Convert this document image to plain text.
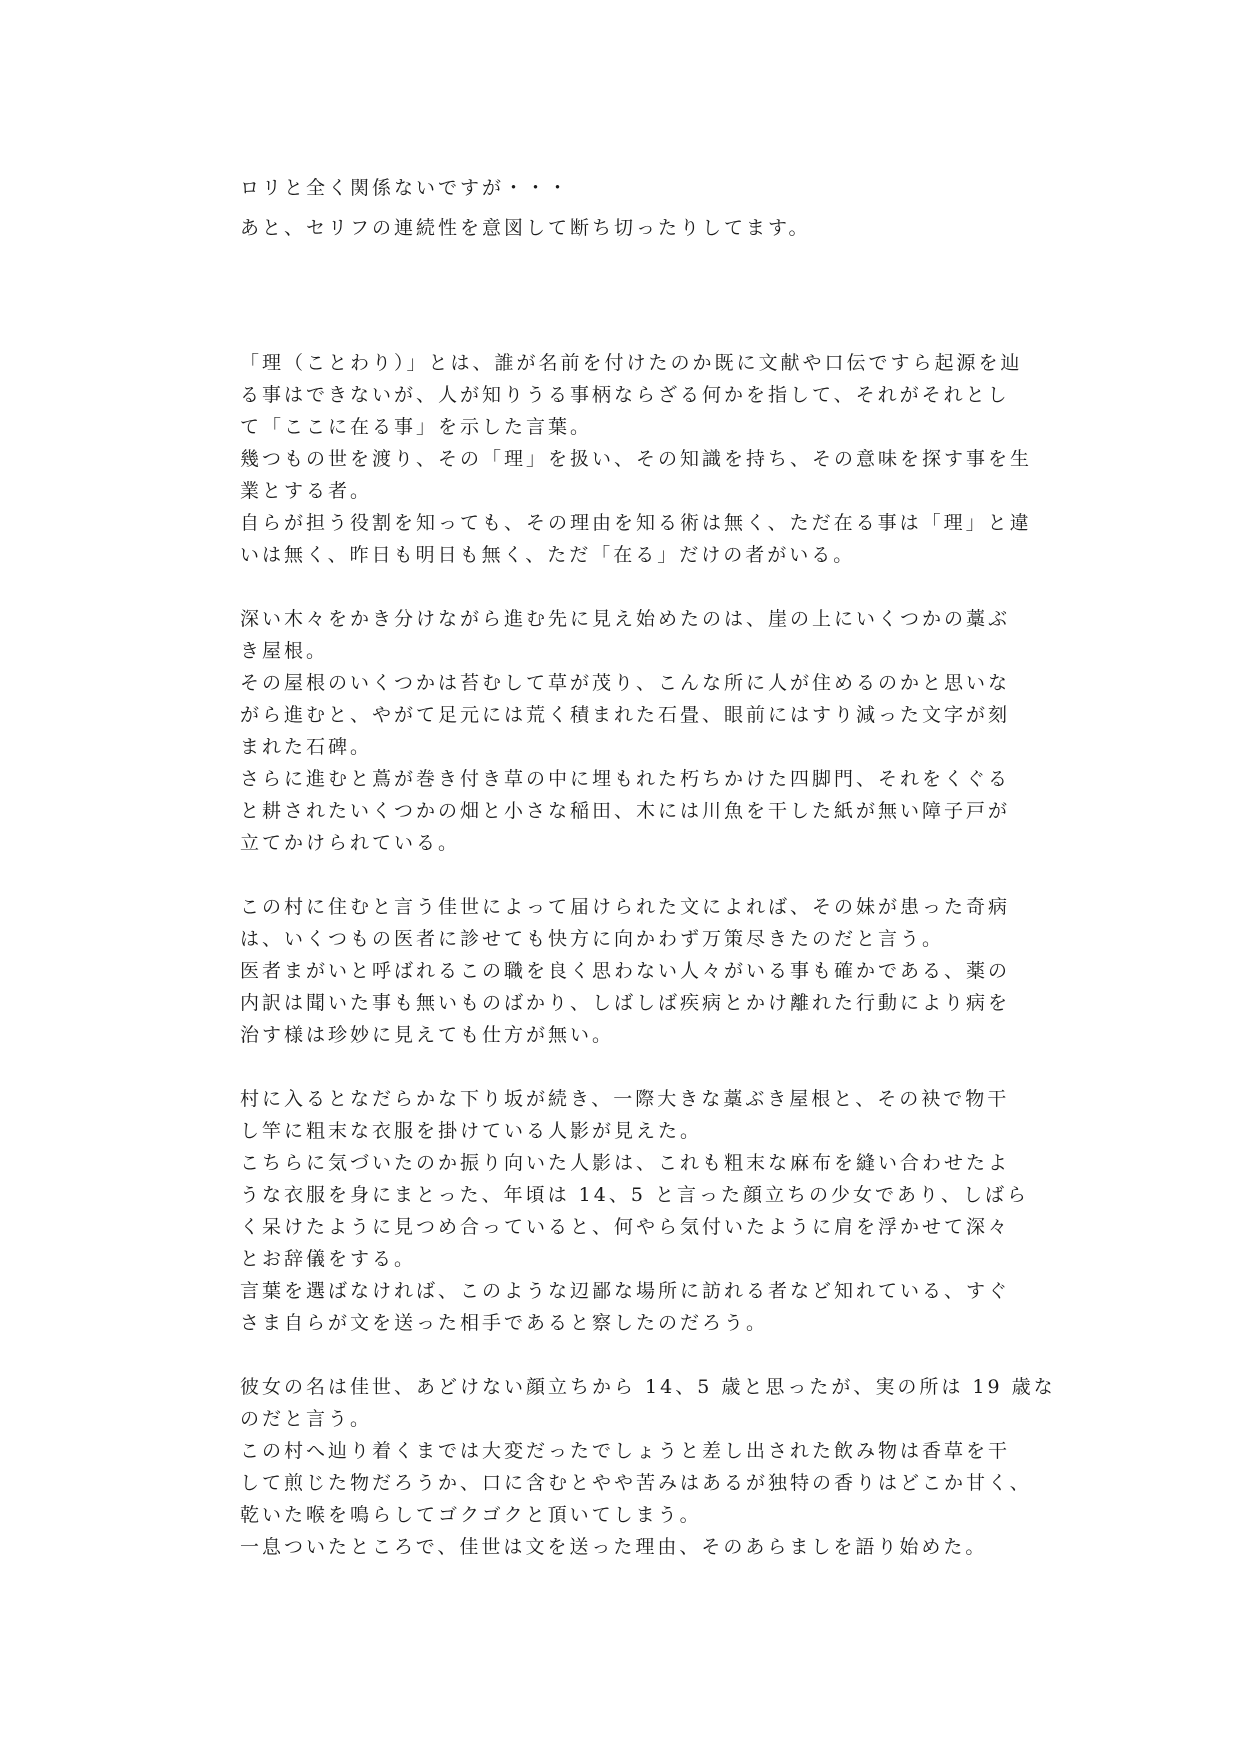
ロリと全く関係ないですが・・・
あと、セリフの連続性を意図して断ち切ったりしてます。
「理（ことわり）」とは、誰が名前を付けたのか既に文献や口伝ですら起源を辿
る事はできないが、人が知りうる事柄ならざる何かを指して、それがそれとし
て「ここに在る事」を示した言葉。
幾つもの世を渡り、その「理」を扱い、その知識を持ち、その意味を探す事を生
業とする者。
自らが担う役割を知っても、その理由を知る術は無く、ただ在る事は「理」と違
いは無く、昨日も明日も無く、ただ「在る」だけの者がいる。
深い木々をかき分けながら進む先に見え始めたのは、崖の上にいくつかの藁ぶ
き屋根。
その屋根のいくつかは苔むして草が茂り、こんな所に人が住めるのかと思いな
がら進むと、やがて足元には荒く積まれた石畳、眼前にはすり減った文字が刻
まれた石碑。
さらに進むと蔦が巻き付き草の中に埋もれた朽ちかけた四脚門、それをくぐる
と耕されたいくつかの畑と小さな稲田、木には川魚を干した紙が無い障子戸が
立てかけられている。
この村に住むと言う佳世によって届けられた文によれば、その妹が患った奇病
は、いくつもの医者に診せても快方に向かわず万策尽きたのだと言う。
医者まがいと呼ばれるこの職を良く思わない人々がいる事も確かである、薬の
内訳は聞いた事も無いものばかり、しばしば疾病とかけ離れた行動により病を
治す様は珍妙に見えても仕方が無い。
村に入るとなだらかな下り坂が続き、一際大きな藁ぶき屋根と、その袂で物干
し竿に粗末な衣服を掛けている人影が見えた。
こちらに気づいたのか振り向いた人影は、これも粗末な麻布を縫い合わせたよ
うな衣服を身にまとった、年頃は 14、5 と言った顔立ちの少女であり、しばら
く呆けたように見つめ合っていると、何やら気付いたように肩を浮かせて深々
とお辞儀をする。
言葉を選ばなければ、このような辺鄙な場所に訪れる者など知れている、すぐ
さま自らが文を送った相手であると察したのだろう。
彼女の名は佳世、あどけない顔立ちから 14、5 歳と思ったが、実の所は 19 歳な
のだと言う。
この村へ辿り着くまでは大変だったでしょうと差し出された飲み物は香草を干
して煎じた物だろうか、口に含むとやや苦みはあるが独特の香りはどこか甘く、
乾いた喉を鳴らしてゴクゴクと頂いてしまう。
一息ついたところで、佳世は文を送った理由、そのあらましを語り始めた。
